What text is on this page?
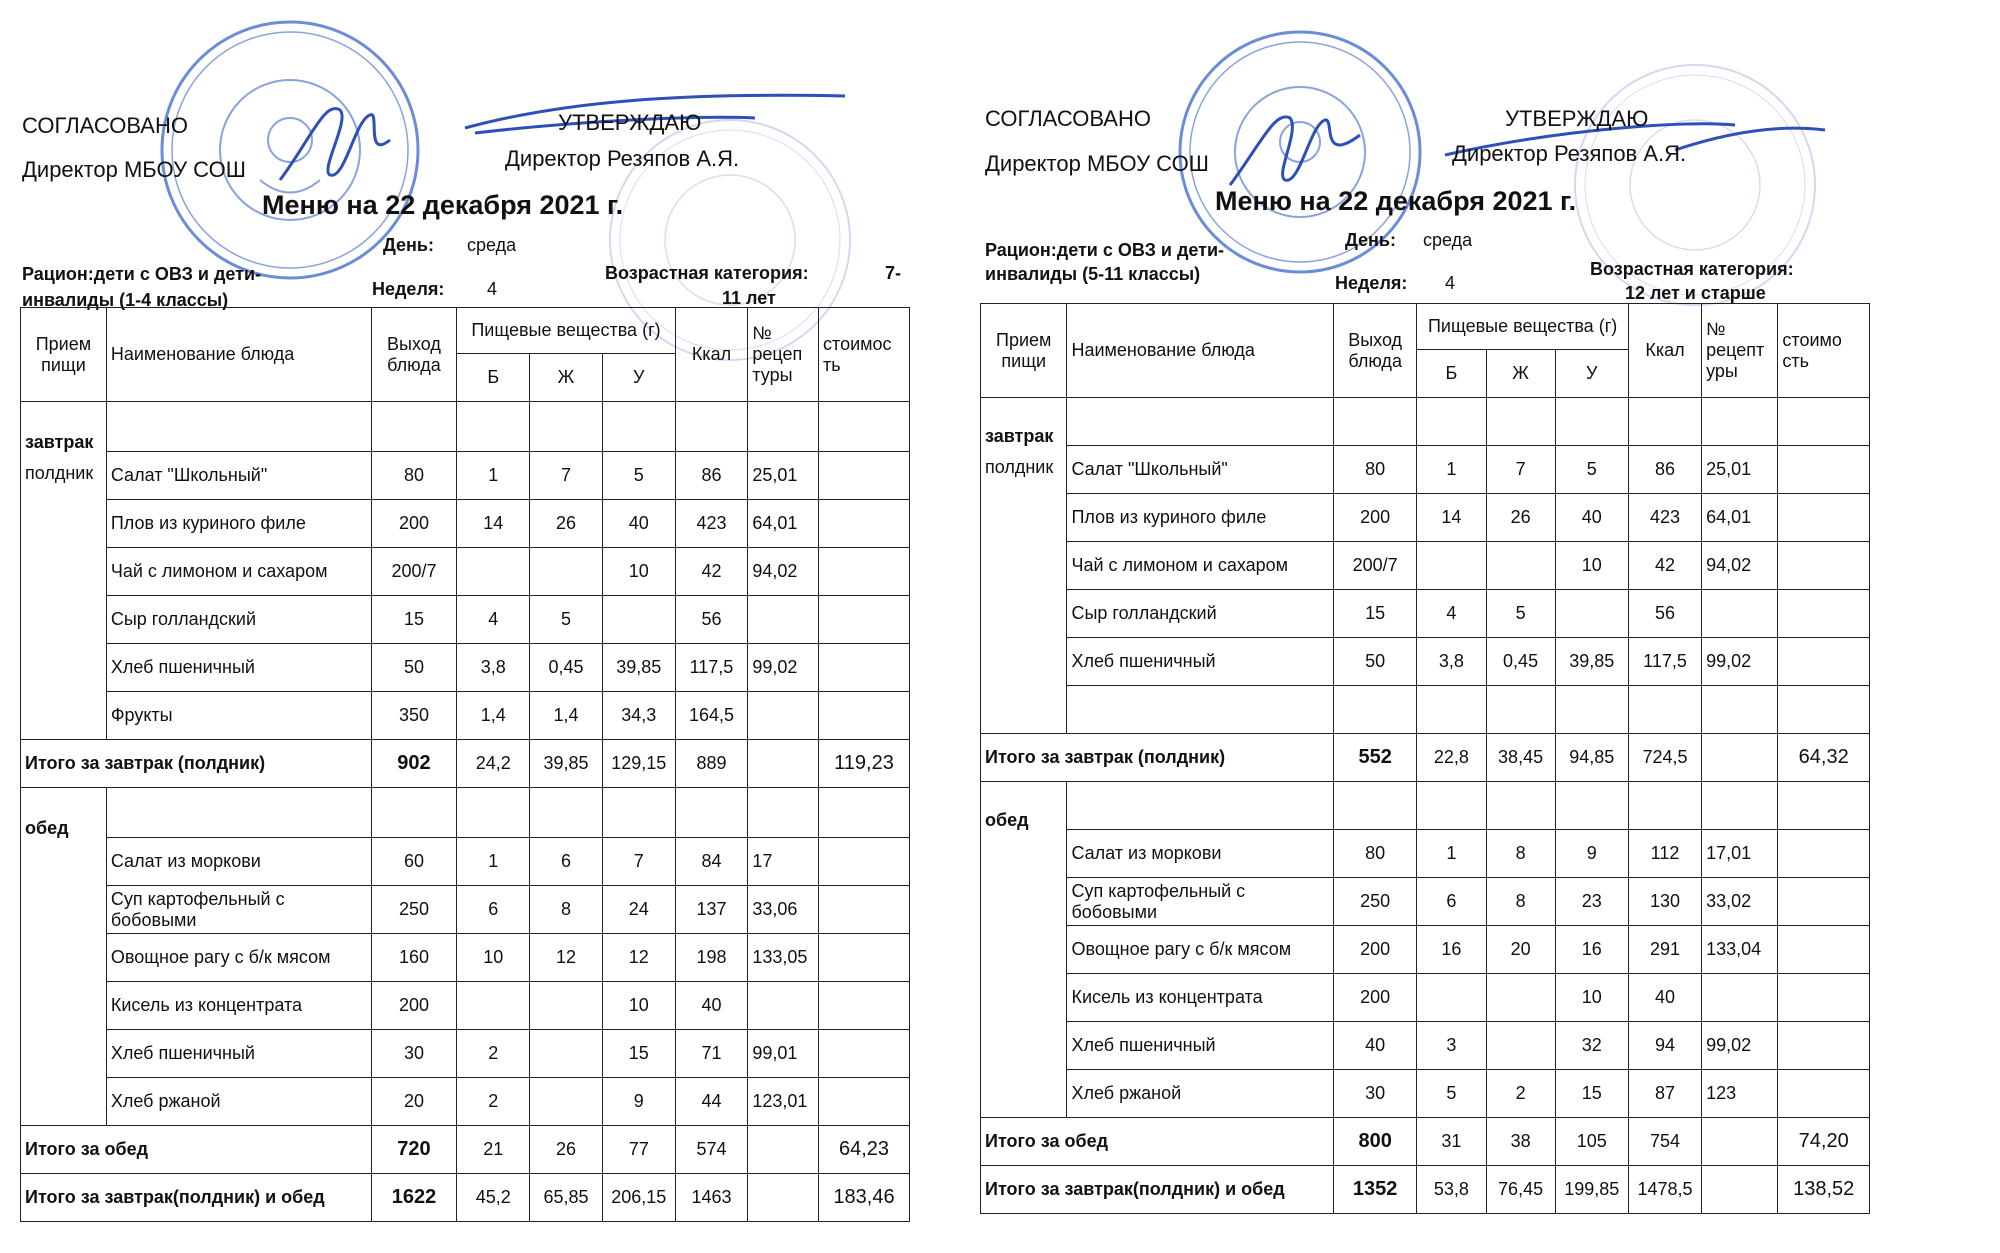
СОГЛАСОВАНО
Директор МБОУ СОШ
УТВЕРЖДАЮ
Директор Резяпов А.Я.
Меню на 22 декабря 2021 г.
День: среда
Рацион:дети с ОВЗ и дети-
инвалиды (1-4 классы)
Неделя: 4
Возрастная категория:	7-
11 лет
Прием пищи	Наименование блюда	Выход блюда	Пищевые вещества (г)			Ккал	№ рецеп туры	стоимос ть
			Б	Ж	У			

завтрак
полдник								

	Салат "Школьный"	80	1	7	5	86	25,01	
	Плов из куриного филе	200	14	26	40	423	64,01	
	Чай с лимоном и сахаром	200/7			10	42	94,02	
	Сыр голландский	15	4	5		56		
	Хлеб пшеничный	50	3,8	0,45	39,85	117,5	99,02	
	Фрукты	350	1,4	1,4	34,3	164,5		
Итого за завтрак (полдник)		902	24,2	39,85	129,15	889		119,23

обед								

	Салат из моркови	60	1	6	7	84	17	
	Суп картофельный с бобовыми	250	6	8	24	137	33,06	
	Овощное рагу с б/к мясом	160	10	12	12	198	133,05	
	Кисель из концентрата	200			10	40		
	Хлеб пшеничный	30	2		15	71	99,01	
	Хлеб ржаной	20	2		9	44	123,01	
Итого за обед		720	21	26	77	574		64,23
Итого за завтрак(полдник) и обед		1622	45,2	65,85	206,15	1463		183,46
СОГЛАСОВАНО
Директор МБОУ СОШ
УТВЕРЖДАЮ
Директор Резяпов А.Я.
Меню на 22 декабря 2021 г.
День: среда
Рацион:дети с ОВЗ и дети-
инвалиды (5-11 классы)	Неделя: 4
Возрастная категория:
12 лет и старше
Прием пищи	Наименование блюда	Выход блюда	Пищевые вещества (г)			Ккал	№ рецепт уры	стоимо сть
			Б	Ж	У			

завтрак
полдник								

	Салат "Школьный"	80	1	7	5	86	25,01	
	Плов из куриного филе	200	14	26	40	423	64,01	
	Чай с лимоном и сахаром	200/7			10	42	94,02	
	Сыр голландский	15	4	5		56		
	Хлеб пшеничный	50	3,8	0,45	39,85	117,5	99,02	

Итого за завтрак (полдник)		552	22,8	38,45	94,85	724,5		64,32

обед								

	Салат из моркови	80	1	8	9	112	17,01	
	Суп картофельный с бобовыми	250	6	8	23	130	33,02	
	Овощное рагу с б/к мясом	200	16	20	16	291	133,04	
	Кисель из концентрата	200			10	40		
	Хлеб пшеничный	40	3		32	94	99,02	
	Хлеб ржаной	30	5	2	15	87	123	
Итого за обед		800	31	38	105	754		74,20
Итого за завтрак(полдник) и обед		1352	53,8	76,45	199,85	1478,5		138,52
